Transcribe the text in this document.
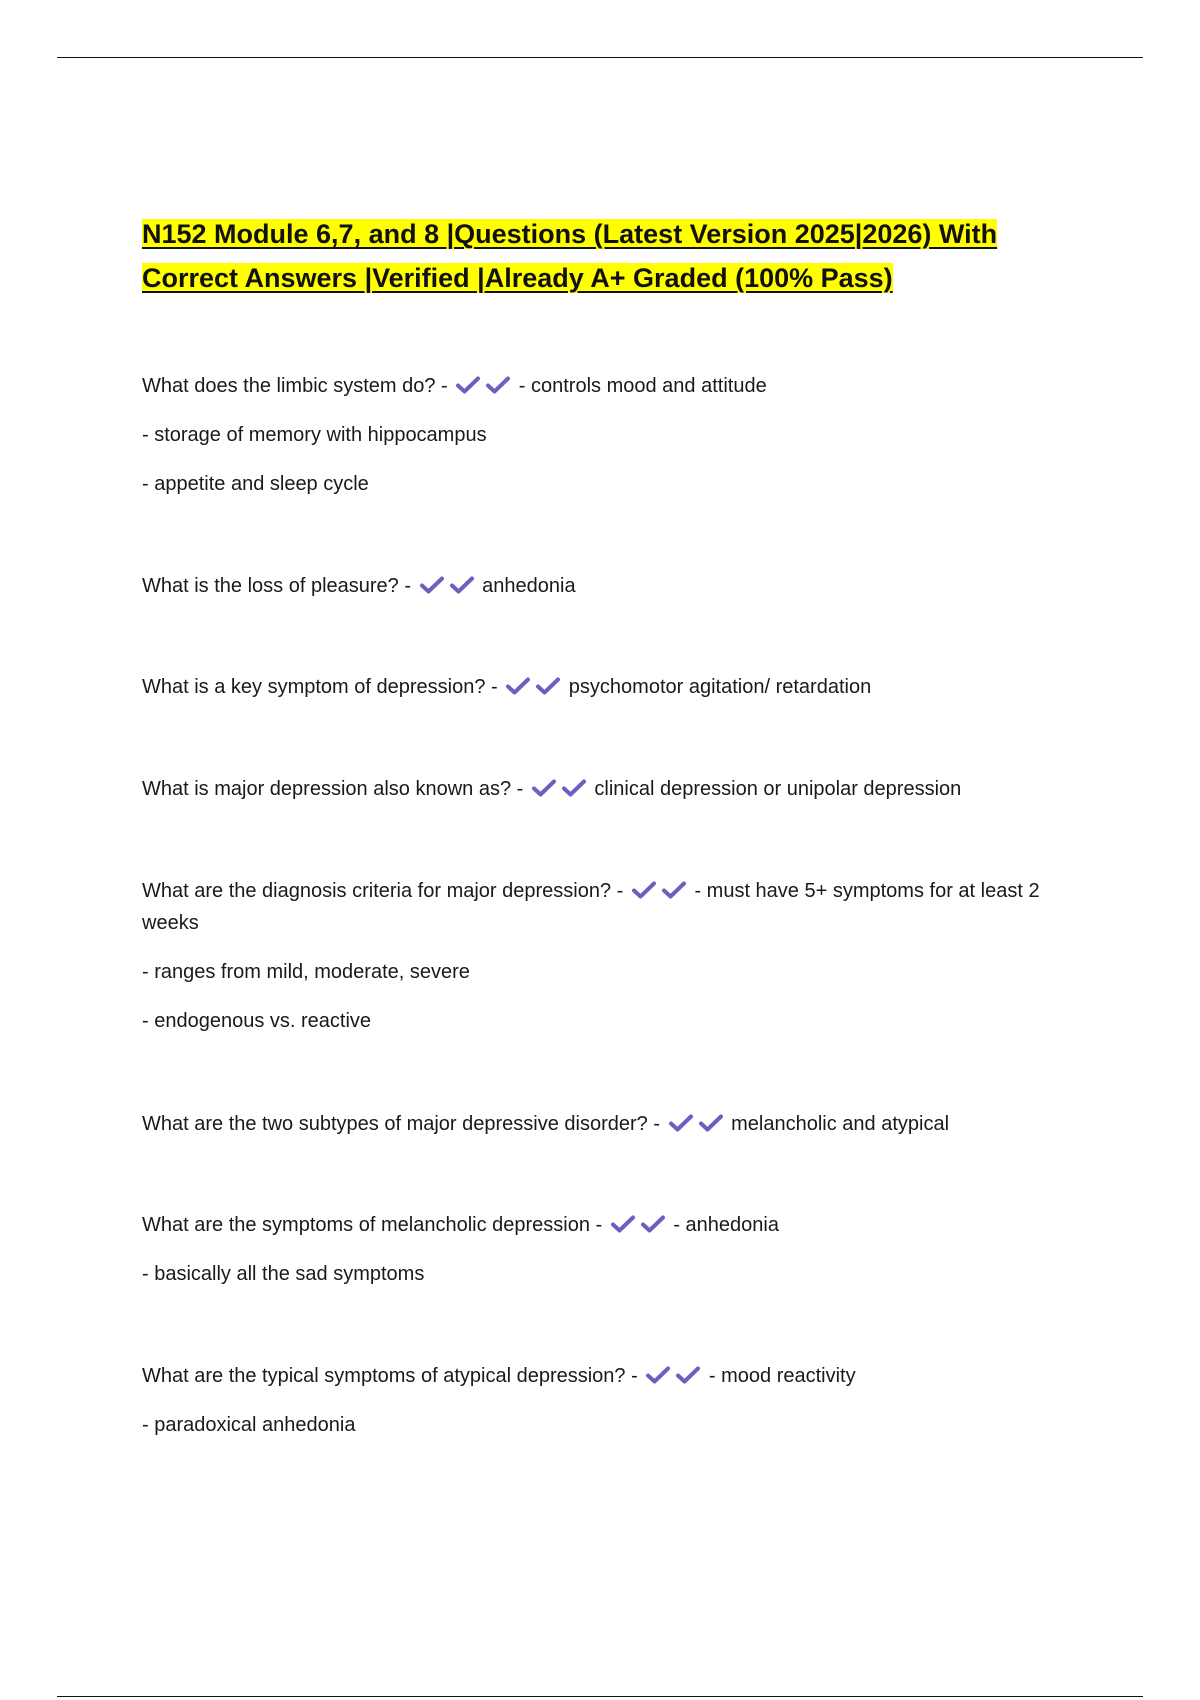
N152 Module 6,7, and 8 |Questions (Latest Version 2025|2026) With Correct Answers |Verified |Already A+ Graded (100% Pass)

What does the limbic system do? -	- controls mood and attitude

- storage of memory with hippocampus

- appetite and sleep cycle

What is the loss of pleasure? -	anhedonia

What is a key symptom of depression? -	psychomotor agitation/ retardation

What is major depression also known as? -	clinical depression or unipolar depression

What are the diagnosis criteria for major depression? -	- must have 5+ symptoms for at least 2 weeks

- ranges from mild, moderate, severe

- endogenous vs. reactive

What are the two subtypes of major depressive disorder? -	melancholic and atypical

What are the symptoms of melancholic depression -	- anhedonia

- basically all the sad symptoms

What are the typical symptoms of atypical depression? -	- mood reactivity

- paradoxical anhedonia
